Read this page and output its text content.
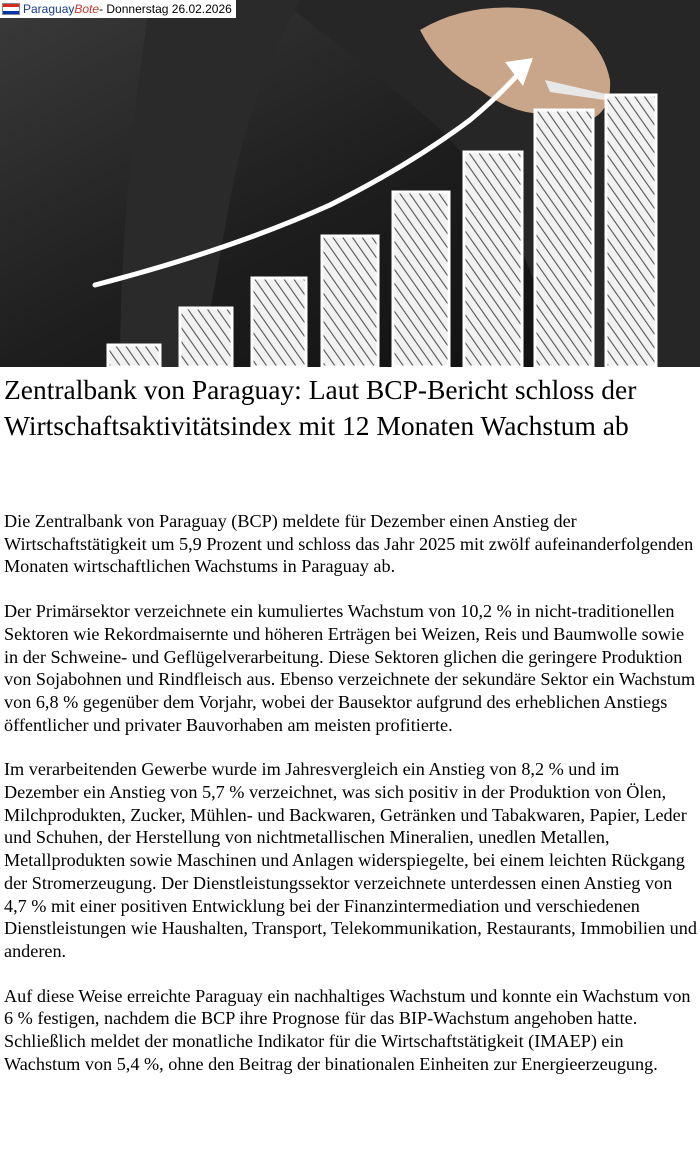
Paraguay Bote - Donnerstag 26.02.2026
Zentralbank von Paraguay: Laut BCP-Bericht schloss der Wirtschaftsaktivitätsindex mit 12 Monaten Wachstum ab

Die Zentralbank von Paraguay (BCP) meldete für Dezember einen Anstieg der Wirtschaftstätigkeit um 5,9 Prozent und schloss das Jahr 2025 mit zwölf aufeinanderfolgenden Monaten wirtschaftlichen Wachstums in Paraguay ab.

Der Primärsektor verzeichnete ein kumuliertes Wachstum von 10,2 % in nicht-traditionellen Sektoren wie Rekordmaisernte und höheren Erträgen bei Weizen, Reis und Baumwolle sowie in der Schweine- und Geflügelverarbeitung. Diese Sektoren glichen die geringere Produktion von Sojabohnen und Rindfleisch aus. Ebenso verzeichnete der sekundäre Sektor ein Wachstum von 6,8 % gegenüber dem Vorjahr, wobei der Bausektor aufgrund des erheblichen Anstiegs öffentlicher und privater Bauvorhaben am meisten profitierte.

Im verarbeitenden Gewerbe wurde im Jahresvergleich ein Anstieg von 8,2 % und im Dezember ein Anstieg von 5,7 % verzeichnet, was sich positiv in der Produktion von Ölen, Milchprodukten, Zucker, Mühlen- und Backwaren, Getränken und Tabakwaren, Papier, Leder und Schuhen, der Herstellung von nichtmetallischen Mineralien, unedlen Metallen, Metallprodukten sowie Maschinen und Anlagen widerspiegelte, bei einem leichten Rückgang der Stromerzeugung. Der Dienstleistungssektor verzeichnete unterdessen einen Anstieg von 4,7 % mit einer positiven Entwicklung bei der Finanzintermediation und verschiedenen Dienstleistungen wie Haushalten, Transport, Telekommunikation, Restaurants, Immobilien und anderen.

Auf diese Weise erreichte Paraguay ein nachhaltiges Wachstum und konnte ein Wachstum von 6 % festigen, nachdem die BCP ihre Prognose für das BIP-Wachstum angehoben hatte. Schließlich meldet der monatliche Indikator für die Wirtschaftstätigkeit (IMAEP) ein Wachstum von 5,4 %, ohne den Beitrag der binationalen Einheiten zur Energieerzeugung.
